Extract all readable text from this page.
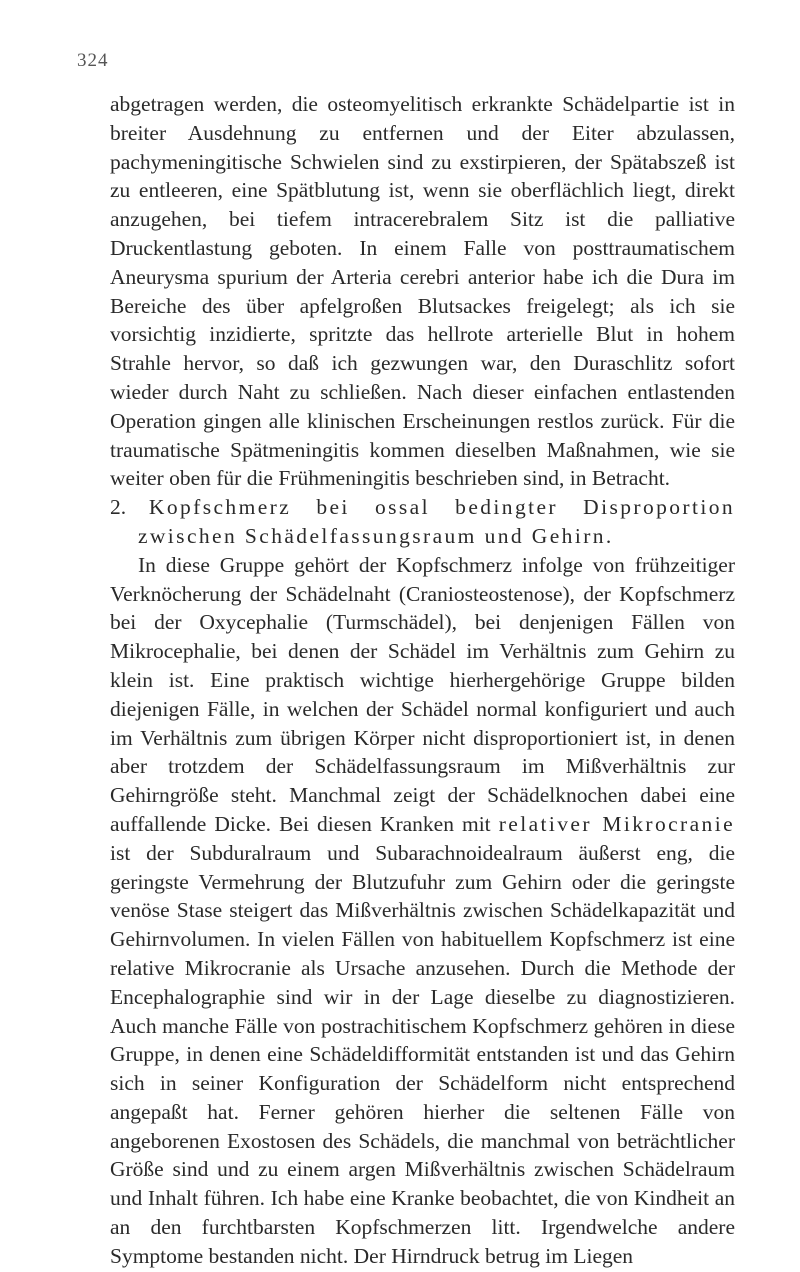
324

abgetragen werden, die osteomyelitisch erkrankte Schädelpartie ist in breiter Ausdehnung zu entfernen und der Eiter abzulassen, pachymeningitische Schwielen sind zu exstirpieren, der Spätabszeß ist zu entleeren, eine Spätblutung ist, wenn sie oberflächlich liegt, direkt anzugehen, bei tiefem intracerebralem Sitz ist die palliative Druckentlastung geboten. In einem Falle von posttraumatischem Aneurysma spurium der Arteria cerebri anterior habe ich die Dura im Bereiche des über apfelgroßen Blutsackes freigelegt; als ich sie vorsichtig inzidierte, spritzte das hellrote arterielle Blut in hohem Strahle hervor, so daß ich gezwungen war, den Duraschlitz sofort wieder durch Naht zu schließen. Nach dieser einfachen entlastenden Operation gingen alle klinischen Erscheinungen restlos zurück. Für die traumatische Spätmeningitis kommen dieselben Maßnahmen, wie sie weiter oben für die Frühmeningitis beschrieben sind, in Betracht.

2. Kopfschmerz bei ossal bedingter Disproportion zwischen Schädelfassungsraum und Gehirn.

In diese Gruppe gehört der Kopfschmerz infolge von frühzeitiger Verknöcherung der Schädelnaht (Craniosteostenose), der Kopfschmerz bei der Oxycephalie (Turmschädel), bei denjenigen Fällen von Mikrocephalie, bei denen der Schädel im Verhältnis zum Gehirn zu klein ist. Eine praktisch wichtige hierhergehörige Gruppe bilden diejenigen Fälle, in welchen der Schädel normal konfiguriert und auch im Verhältnis zum übrigen Körper nicht disproportioniert ist, in denen aber trotzdem der Schädelfassungsraum im Mißverhältnis zur Gehirngröße steht. Manchmal zeigt der Schädelknochen dabei eine auffallende Dicke. Bei diesen Kranken mit relativer Mikrocranie ist der Subduralraum und Subarachnoidealraum äußerst eng, die geringste Vermehrung der Blutzufuhr zum Gehirn oder die geringste venöse Stase steigert das Mißverhältnis zwischen Schädelkapazität und Gehirnvolumen. In vielen Fällen von habituellem Kopfschmerz ist eine relative Mikrocranie als Ursache anzusehen. Durch die Methode der Encephalographie sind wir in der Lage dieselbe zu diagnostizieren. Auch manche Fälle von postrachitischem Kopfschmerz gehören in diese Gruppe, in denen eine Schädeldifformität entstanden ist und das Gehirn sich in seiner Konfiguration der Schädelform nicht entsprechend angepaßt hat. Ferner gehören hierher die seltenen Fälle von angeborenen Exostosen des Schädels, die manchmal von beträchtlicher Größe sind und zu einem argen Mißverhältnis zwischen Schädelraum und Inhalt führen. Ich habe eine Kranke beobachtet, die von Kindheit an an den furchtbarsten Kopfschmerzen litt. Irgendwelche andere Symptome bestanden nicht. Der Hirndruck betrug im Liegen
